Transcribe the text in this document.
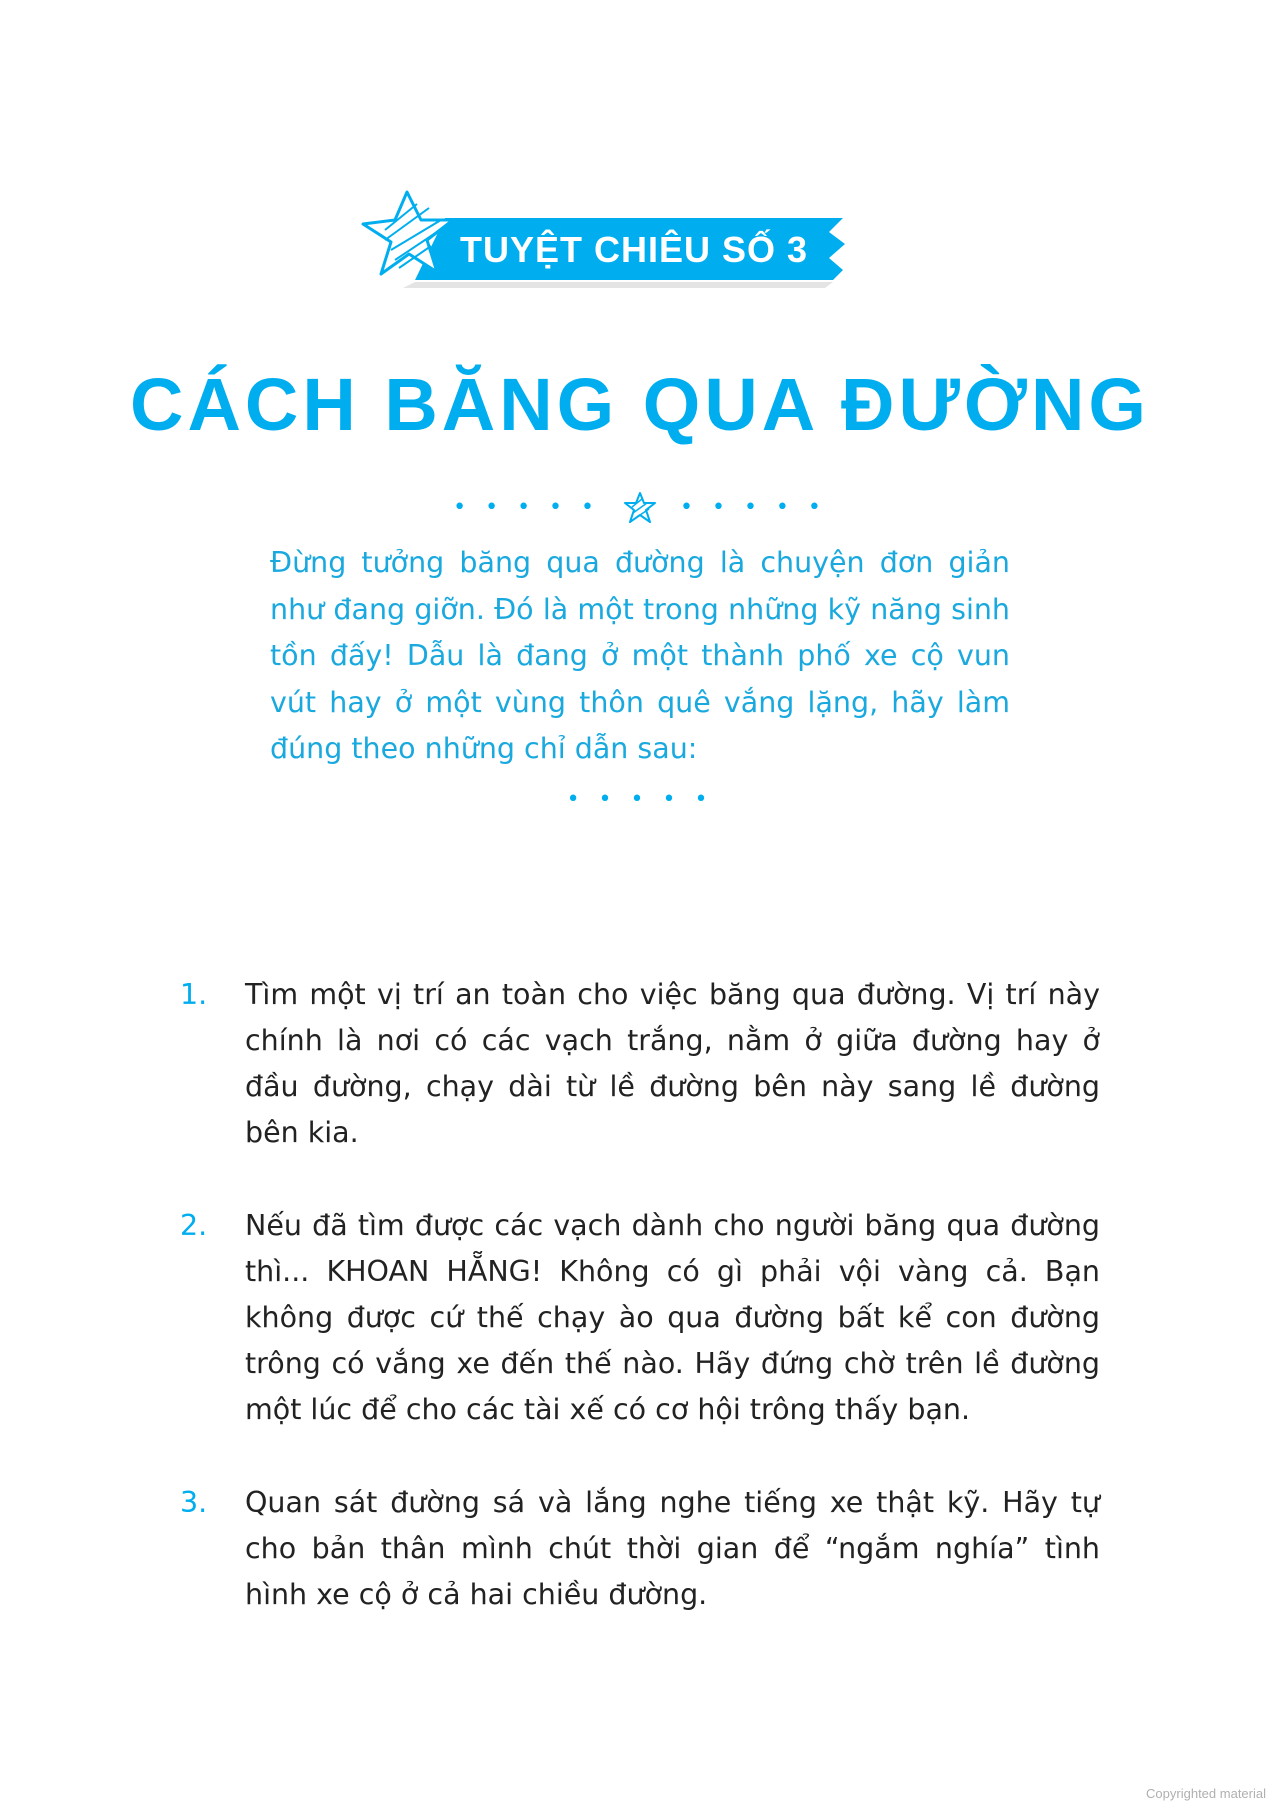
TUYỆT CHIÊU SỐ 3
CÁCH BĂNG QUA ĐƯỜNG
• • • • •	• • • • •
Đừng tưởng băng qua đường là chuyện đơn giản như đang giỡn. Đó là một trong những kỹ năng sinh tồn đấy! Dẫu là đang ở một thành phố xe cộ vun vút hay ở một vùng thôn quê vắng lặng, hãy làm đúng theo những chỉ dẫn sau:
• • • • •
1. Tìm một vị trí an toàn cho việc băng qua đường. Vị trí này chính là nơi có các vạch trắng, nằm ở giữa đường hay ở đầu đường, chạy dài từ lề đường bên này sang lề đường bên kia.
2. Nếu đã tìm được các vạch dành cho người băng qua đường thì... KHOAN HẴNG! Không có gì phải vội vàng cả. Bạn không được cứ thế chạy ào qua đường bất kể con đường trông có vắng xe đến thế nào. Hãy đứng chờ trên lề đường một lúc để cho các tài xế có cơ hội trông thấy bạn.
3. Quan sát đường sá và lắng nghe tiếng xe thật kỹ. Hãy tự cho bản thân mình chút thời gian để “ngắm nghía” tình hình xe cộ ở cả hai chiều đường.
Copyrighted material
